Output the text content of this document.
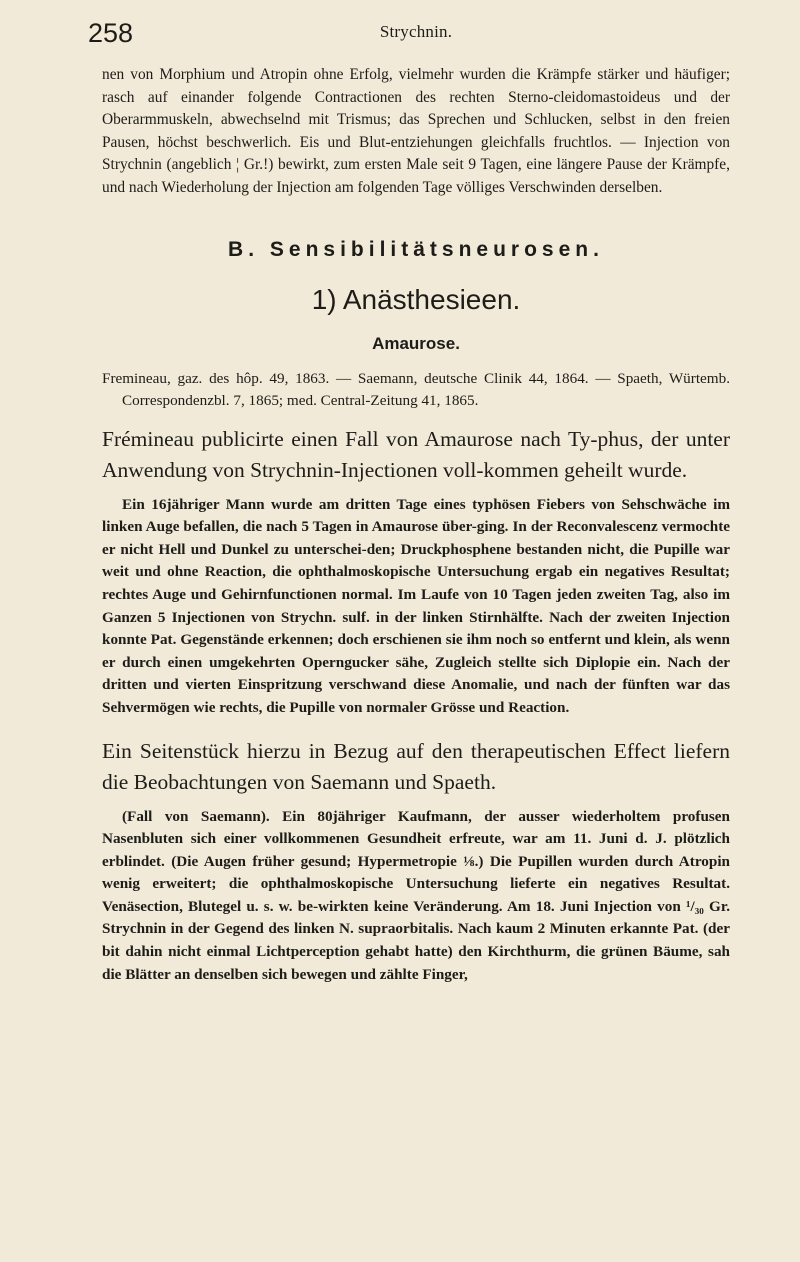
258	Strychnin.

nen von Morphium und Atropin ohne Erfolg, vielmehr wurden die Krämpfe stärker und häufiger; rasch auf einander folgende Contractionen des rechten Sterno-cleidomastoideus und der Oberarmmuskeln, abwechselnd mit Trismus; das Sprechen und Schlucken, selbst in den freien Pausen, höchst beschwerlich. Eis und Blut-entziehungen gleichfalls fruchtlos. — Injection von Strychnin (angeblich ¦ Gr.!) bewirkt, zum ersten Male seit 9 Tagen, eine längere Pause der Krämpfe, und nach Wiederholung der Injection am folgenden Tage völliges Verschwinden derselben.

B. Sensibilitätsneurosen.
1) Anästhesieen.
Amaurose.

Fremineau, gaz. des hôp. 49, 1863. — Saemann, deutsche Clinik 44, 1864. — Spaeth, Würtemb. Correspondenzbl. 7, 1865; med. Central-Zeitung 41, 1865.

Frémineau publicirte einen Fall von Amaurose nach Ty-phus, der unter Anwendung von Strychnin-Injectionen voll-kommen geheilt wurde.

Ein 16jähriger Mann wurde am dritten Tage eines typhösen Fiebers von Sehschwäche im linken Auge befallen, die nach 5 Tagen in Amaurose über-ging. In der Reconvalescenz vermochte er nicht Hell und Dunkel zu unterschei-den; Druckphosphene bestanden nicht, die Pupille war weit und ohne Reaction, die ophthalmoskopische Untersuchung ergab ein negatives Resultat; rechtes Auge und Gehirnfunctionen normal. Im Laufe von 10 Tagen jeden zweiten Tag, also im Ganzen 5 Injectionen von Strychn. sulf. in der linken Stirnhälfte. Nach der zweiten Injection konnte Pat. Gegenstände erkennen; doch erschienen sie ihm noch so entfernt und klein, als wenn er durch einen umgekehrten Operngucker sähe, Zugleich stellte sich Diplopie ein. Nach der dritten und vierten Einspritzung verschwand diese Anomalie, und nach der fünften war das Sehvermögen wie rechts, die Pupille von normaler Grösse und Reaction.

Ein Seitenstück hierzu in Bezug auf den therapeutischen Effect liefern die Beobachtungen von Saemann und Spaeth.

(Fall von Saemann). Ein 80jähriger Kaufmann, der ausser wiederholtem profusen Nasenbluten sich einer vollkommenen Gesundheit erfreute, war am 11. Juni d. J. plötzlich erblindet. (Die Augen früher gesund; Hypermetropie ⅛.) Die Pupillen wurden durch Atropin wenig erweitert; die ophthalmoskopische Untersuchung lieferte ein negatives Resultat. Venäsection, Blutegel u. s. w. be-wirkten keine Veränderung. Am 18. Juni Injection von ¹/₃₀ Gr. Strychnin in der Gegend des linken N. supraorbitalis. Nach kaum 2 Minuten erkannte Pat. (der bit dahin nicht einmal Lichtperception gehabt hatte) den Kirchthurm, die grünen Bäume, sah die Blätter an denselben sich bewegen und zählte Finger,
